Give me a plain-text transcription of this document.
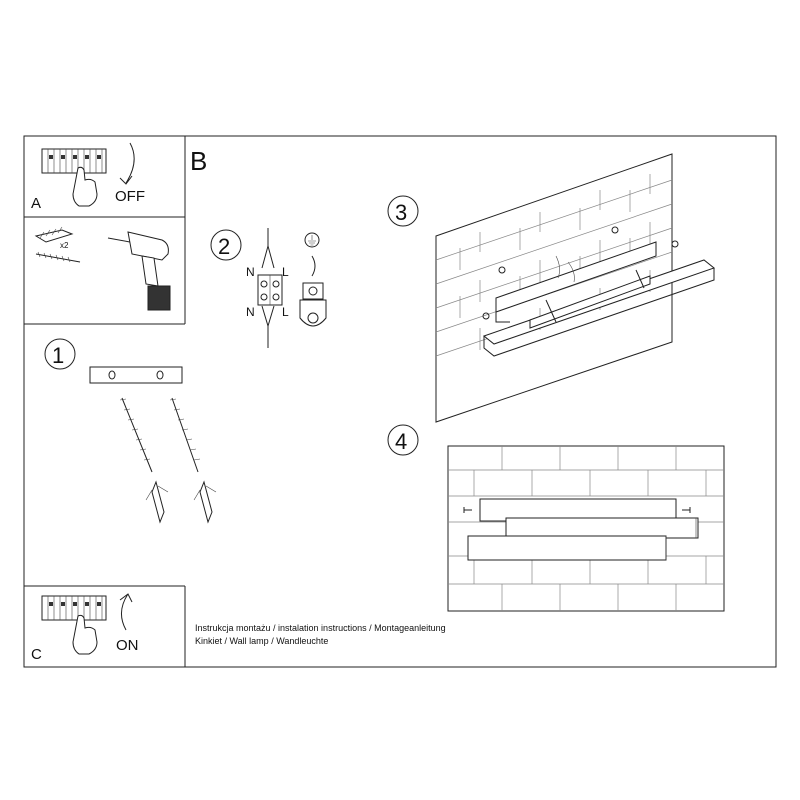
OFF
A
x2
1
B
2
N L
N L
3
4
ON
C
Instrukcja montażu / instalation instructions / Montageanleitung
Kinkiet / Wall lamp / Wandleuchte
